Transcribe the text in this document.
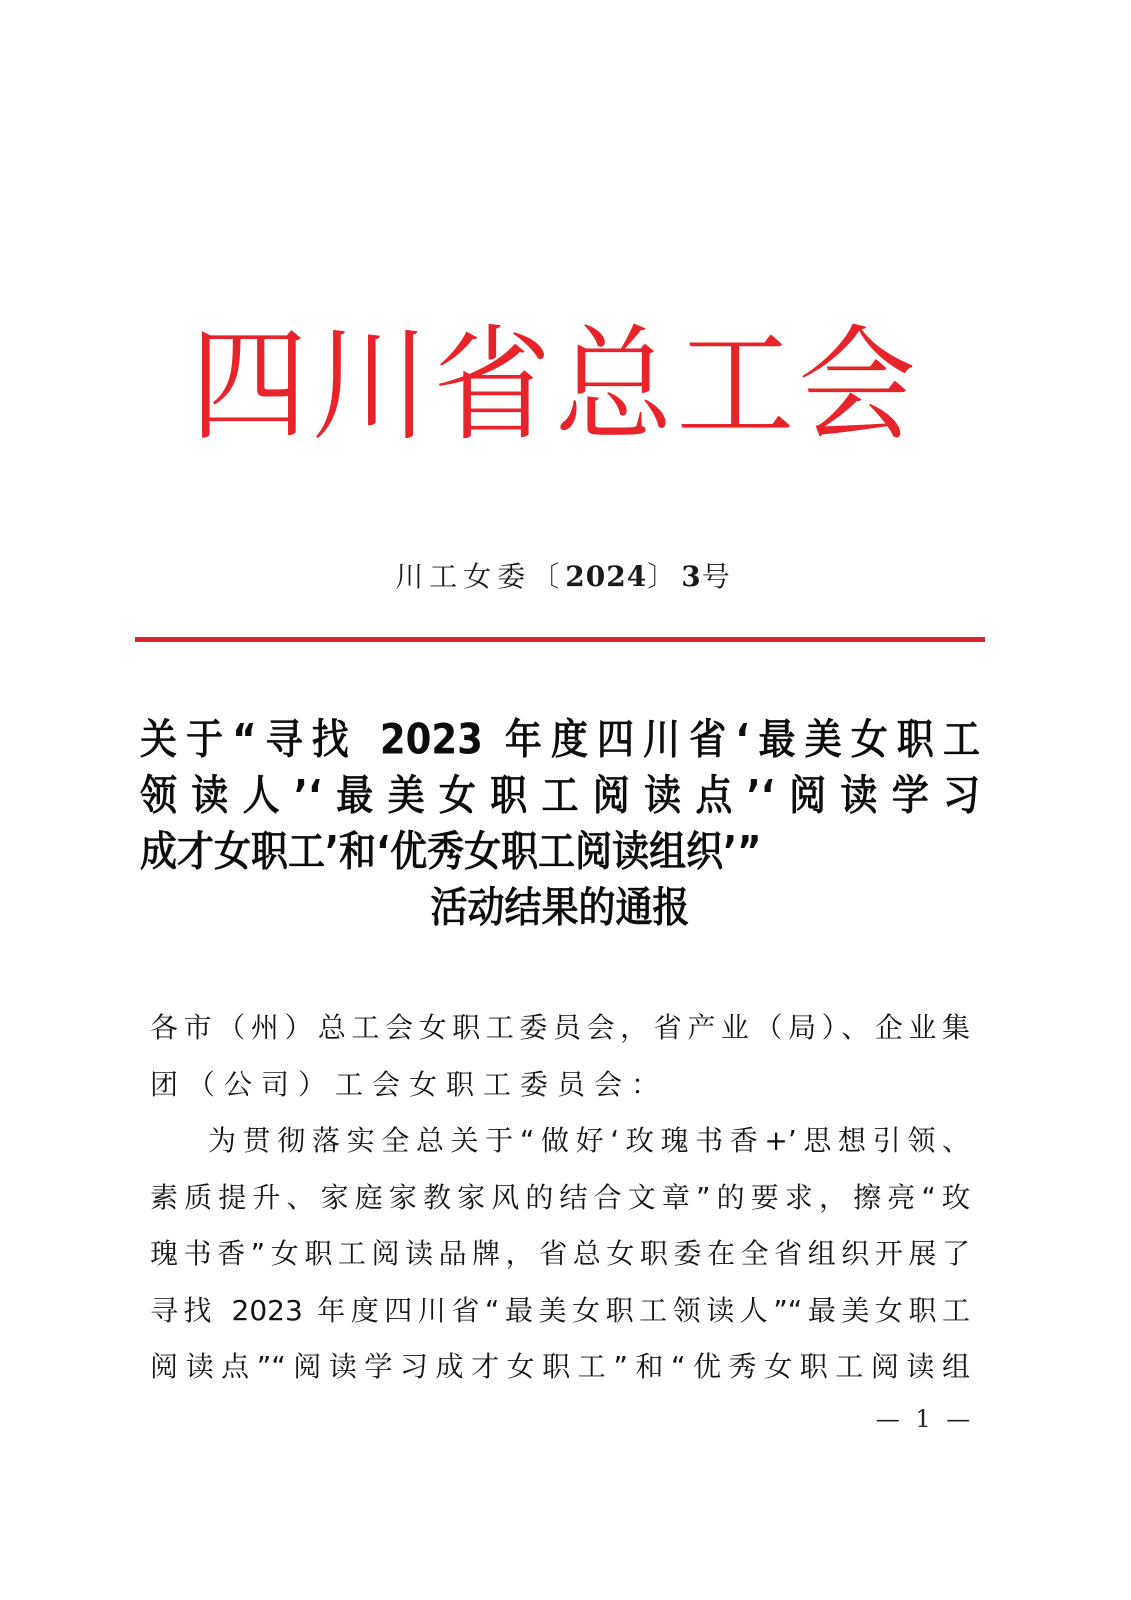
四 川 省 总 工 会
川工女委〔2024〕3号
关于“寻找 2023 年度四川省‘最美女职工
领读人’‘最美女职工阅读点’‘阅读学习
成才女职工’和‘优秀女职工阅读组织’”
活动结果的通报
各市（州）总工会女职工委员会，省产业（局）、企业集
团（公司）工会女职工委员会：
为贯彻落实全总关于“做好‘玫瑰书香+’思想引领、
素质提升、家庭家教家风的结合文章”的要求，擦亮“玫
瑰书香”女职工阅读品牌，省总女职委在全省组织开展了
寻找 2023 年度四川省“最美女职工领读人”“最美女职工
阅读点”“阅读学习成才女职工”和“优秀女职工阅读组
— 1 —
